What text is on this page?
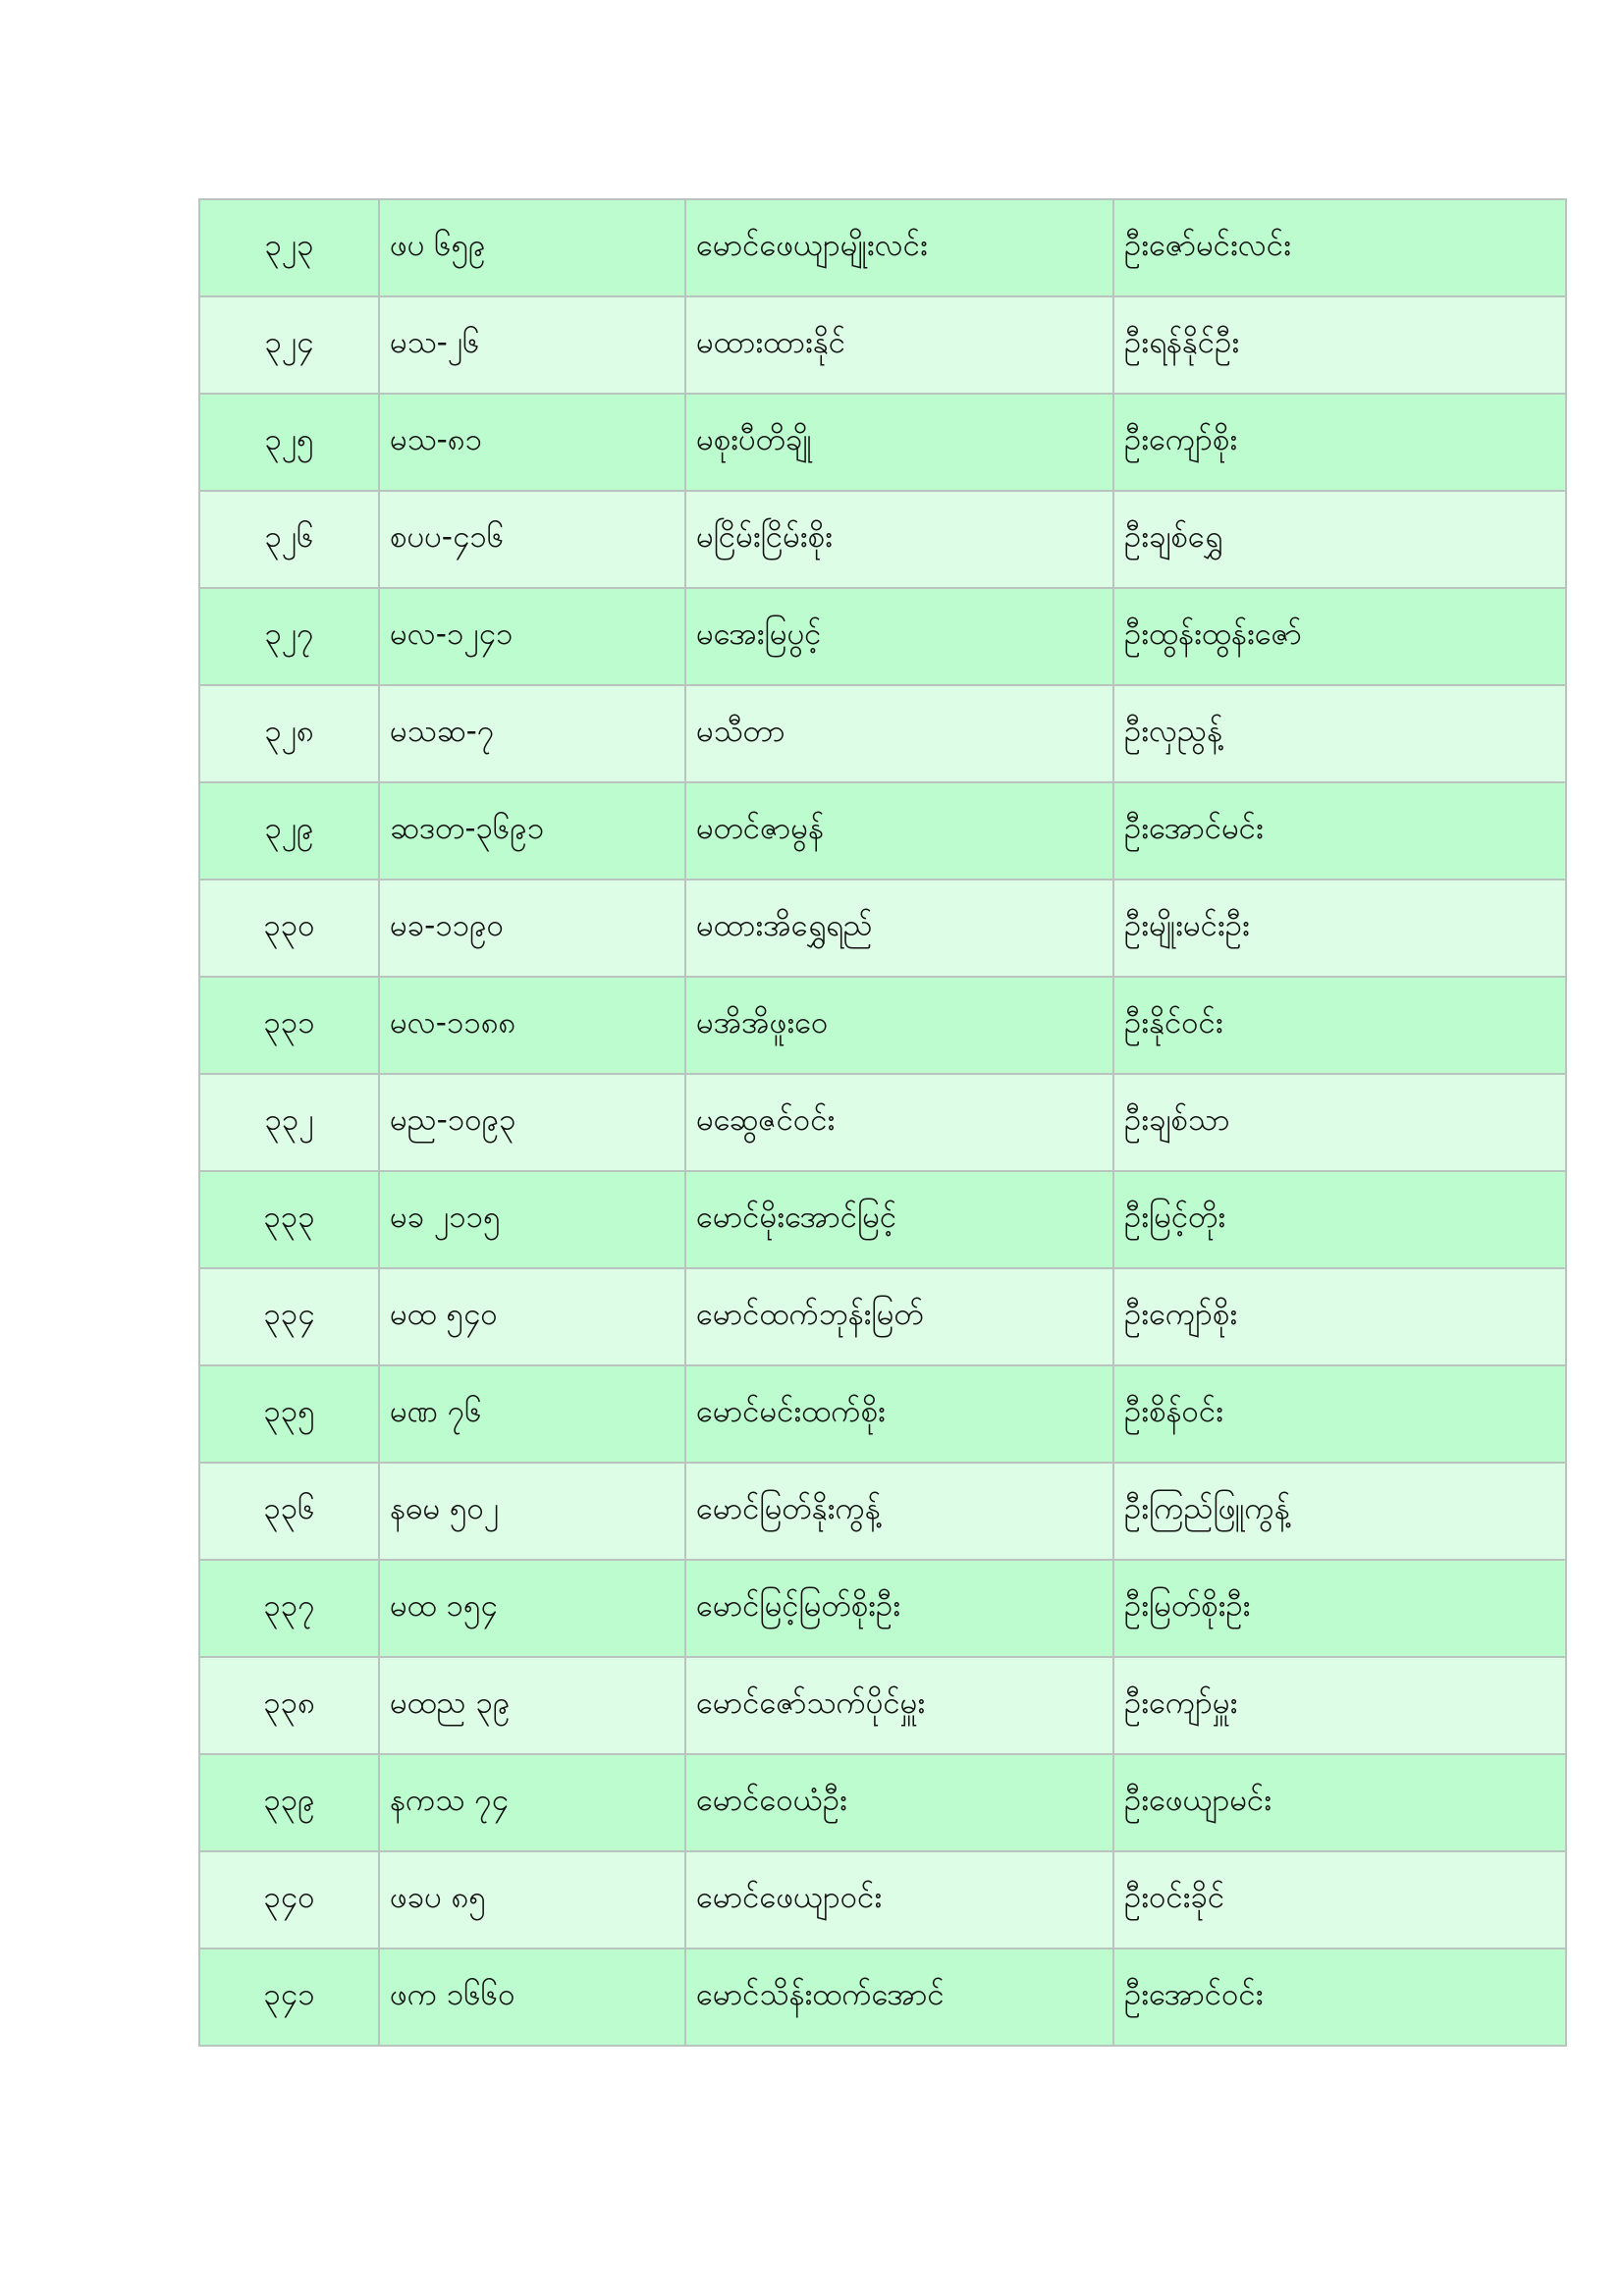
၃၂၃	ဖပ ၆၅၉	မောင်ဖေယျာမျိုးလင်း	ဦးဇော်မင်းလင်း
၃၂၄	မသ-၂၆	မထားထားနိုင်	ဦးရန်နိုင်ဦး
၃၂၅	မသ-၈၁	မစုးပီတိချို	ဦးကျော်စိုး
၃၂၆	စပပ-၄၁၆	မငြိမ်းငြိမ်းစိုး	ဦးချစ်ရွှေ
၃၂၇	မလ-၁၂၄၁	မအေးမြပွင့်	ဦးထွန်းထွန်းဇော်
၃၂၈	မသဆ-၇	မသီတာ	ဦးလှညွန့်
၃၂၉	ဆဒတ-၃၆၉၁	မတင်ဇာမွန်	ဦးအောင်မင်း
၃၃၀	မခ-၁၁၉၀	မထားအိရွှေရည်	ဦးမျိုးမင်းဦး
၃၃၁	မလ-၁၁၈၈	မအိအိဖူးဝေ	ဦးနိုင်ဝင်း
၃၃၂	မည-၁၀၉၃	မဆွေဇင်ဝင်း	ဦးချစ်သာ
၃၃၃	မခ ၂၁၁၅	မောင်မိုးအောင်မြင့်	ဦးမြင့်တိုး
၃၃၄	မထ ၅၄၀	မောင်ထက်ဘုန်းမြတ်	ဦးကျော်စိုး
၃၃၅	မဏ ၇၆	မောင်မင်းထက်စိုး	ဦးစိန်ဝင်း
၃၃၆	နဓမ ၅၀၂	မောင်မြတ်နိုးကွန့်	ဦးကြည်ဖြူကွန့်
၃၃၇	မထ ၁၅၄	မောင်မြင့်မြတ်စိုးဦး	ဦးမြတ်စိုးဦး
၃၃၈	မထည ၃၉	မောင်ဇော်သက်ပိုင်မှူး	ဦးကျော်မှူး
၃၃၉	နကသ ၇၄	မောင်ဝေယံဦး	ဦးဖေယျာမင်း
၃၄၀	ဖခပ ၈၅	မောင်ဖေယျာဝင်း	ဦးဝင်းခိုင်
၃၄၁	ဖက ၁၆၆၀	မောင်သိန်းထက်အောင်	ဦးအောင်ဝင်း
